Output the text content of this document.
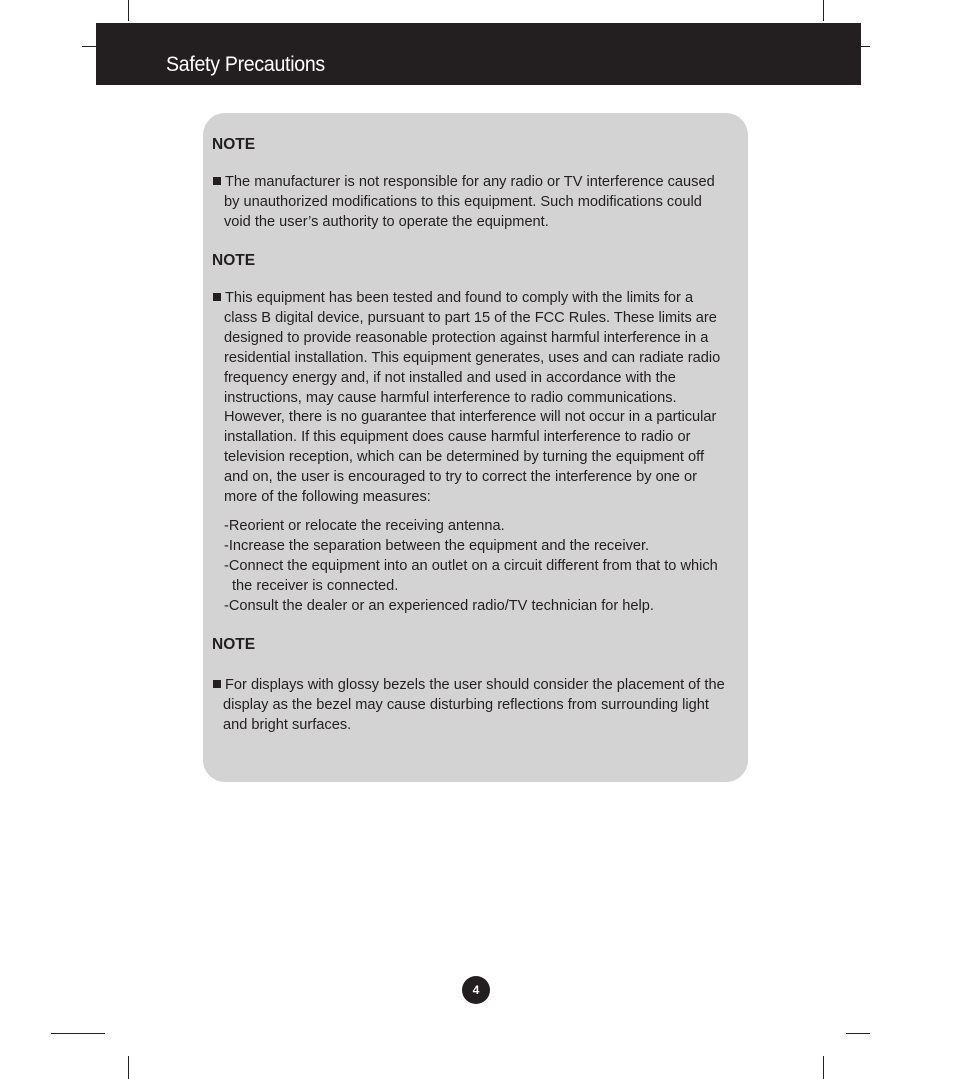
Safety Precautions
NOTE
The manufacturer is not responsible for any radio or TV interference caused
by unauthorized modifications to this equipment. Such modifications could
void the user’s authority to operate the equipment.
NOTE
This equipment has been tested and found to comply with the limits for a
class B digital device, pursuant to part 15 of the FCC Rules. These limits are
designed to provide reasonable protection against harmful interference in a
residential installation. This equipment generates, uses and can radiate radio
frequency energy and, if not installed and used in accordance with the
instructions, may cause harmful interference to radio communications.
However, there is no guarantee that interference will not occur in a particular
installation. If this equipment does cause harmful interference to radio or
television reception, which can be determined by turning the equipment off
and on, the user is encouraged to try to correct the interference by one or
more of the following measures:
-Reorient or relocate the receiving antenna.
-Increase the separation between the equipment and the receiver.
-Connect the equipment into an outlet on a circuit different from that to which
the receiver is connected.
-Consult the dealer or an experienced radio/TV technician for help.
NOTE
For displays with glossy bezels the user should consider the placement of the
display as the bezel may cause disturbing reflections from surrounding light
and bright surfaces.
4
